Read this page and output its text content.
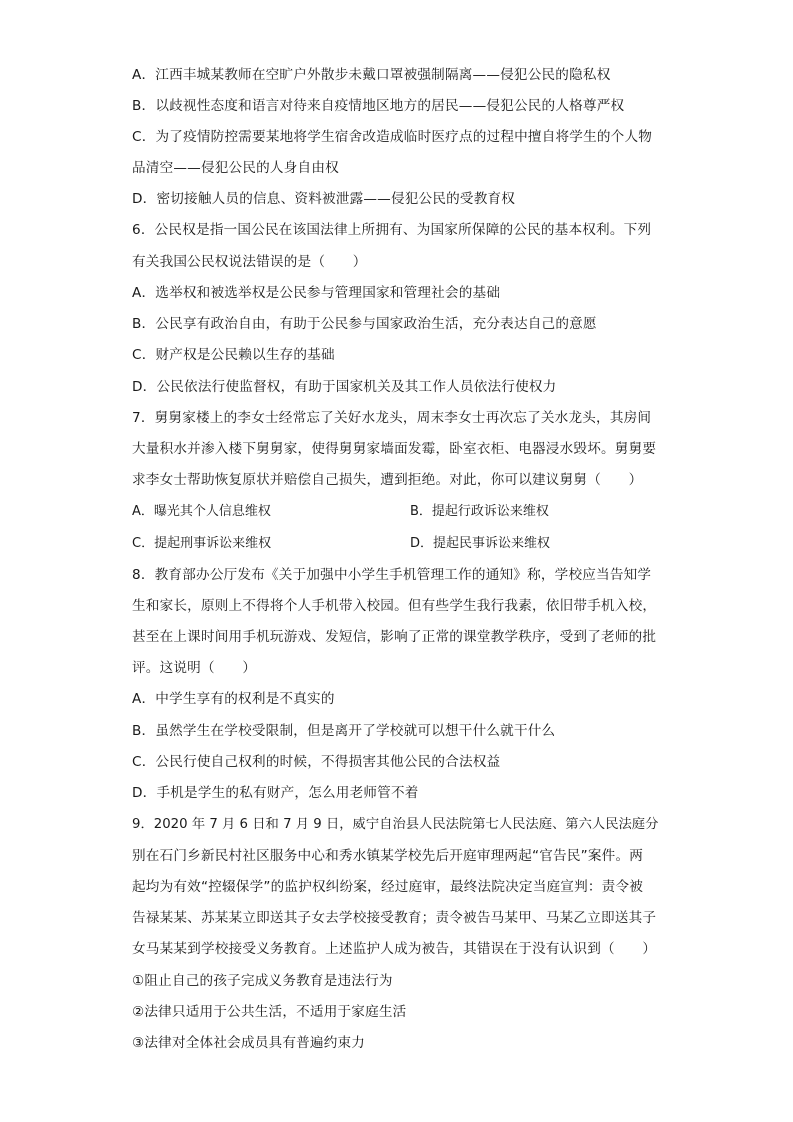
A．江西丰城某教师在空旷户外散步未戴口罩被强制隔离——侵犯公民的隐私权
B．以歧视性态度和语言对待来自疫情地区地方的居民——侵犯公民的人格尊严权
C．为了疫情防控需要某地将学生宿舍改造成临时医疗点的过程中擅自将学生的个人物
品清空——侵犯公民的人身自由权
D．密切接触人员的信息、资料被泄露——侵犯公民的受教育权
6．公民权是指一国公民在该国法律上所拥有、为国家所保障的公民的基本权利。下列
有关我国公民权说法错误的是（　　）
A．选举权和被选举权是公民参与管理国家和管理社会的基础
B．公民享有政治自由，有助于公民参与国家政治生活，充分表达自己的意愿
C．财产权是公民赖以生存的基础
D．公民依法行使监督权，有助于国家机关及其工作人员依法行使权力
7．舅舅家楼上的李女士经常忘了关好水龙头，周末李女士再次忘了关水龙头，其房间
大量积水并渗入楼下舅舅家，使得舅舅家墙面发霉，卧室衣柜、电器浸水毁坏。舅舅要
求李女士帮助恢复原状并赔偿自己损失，遭到拒绝。对此，你可以建议舅舅（　　）
A．曝光其个人信息维权	B．提起行政诉讼来维权
C．提起刑事诉讼来维权	D．提起民事诉讼来维权
8．教育部办公厅发布《关于加强中小学生手机管理工作的通知》称，学校应当告知学
生和家长，原则上不得将个人手机带入校园。但有些学生我行我素，依旧带手机入校，
甚至在上课时间用手机玩游戏、发短信，影响了正常的课堂教学秩序，受到了老师的批
评。这说明（　　）
A．中学生享有的权利是不真实的
B．虽然学生在学校受限制，但是离开了学校就可以想干什么就干什么
C．公民行使自己权利的时候，不得损害其他公民的合法权益
D．手机是学生的私有财产，怎么用老师管不着
9．2020 年 7 月 6 日和 7 月 9 日，威宁自治县人民法院第七人民法庭、第六人民法庭分
别在石门乡新民村社区服务中心和秀水镇某学校先后开庭审理两起“官告民”案件。两
起均为有效“控辍保学”的监护权纠纷案，经过庭审，最终法院决定当庭宣判：责令被
告禄某某、苏某某立即送其子女去学校接受教育；责令被告马某甲、马某乙立即送其子
女马某某到学校接受义务教育。上述监护人成为被告，其错误在于没有认识到（　　）
①阻止自己的孩子完成义务教育是违法行为
②法律只适用于公共生活，不适用于家庭生活
③法律对全体社会成员具有普遍约束力
